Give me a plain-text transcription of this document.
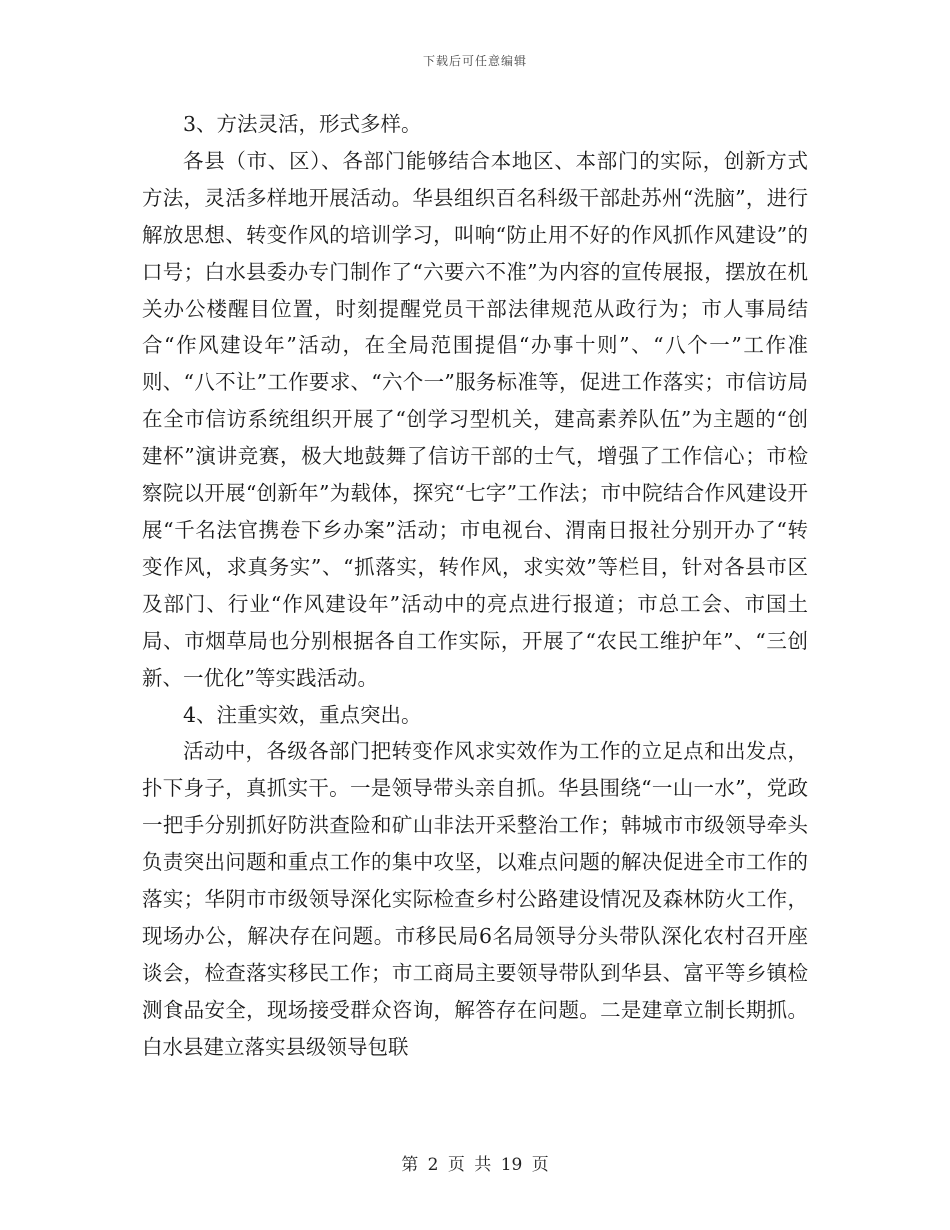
下载后可任意编辑

3、方法灵活，形式多样。

各县（市、区）、各部门能够结合本地区、本部门的实际，创新方式方法，灵活多样地开展活动。华县组织百名科级干部赴苏州“洗脑”，进行解放思想、转变作风的培训学习，叫响“防止用不好的作风抓作风建设”的口号；白水县委办专门制作了“六要六不准”为内容的宣传展报，摆放在机关办公楼醒目位置，时刻提醒党员干部法律规范从政行为；市人事局结合“作风建设年”活动，在全局范围提倡“办事十则”、“八个一”工作准则、“八不让”工作要求、“六个一”服务标准等，促进工作落实；市信访局在全市信访系统组织开展了“创学习型机关，建高素养队伍”为主题的“创建杯”演讲竞赛，极大地鼓舞了信访干部的士气，增强了工作信心；市检察院以开展“创新年”为载体，探究“七字”工作法；市中院结合作风建设开展“千名法官携卷下乡办案”活动；市电视台、渭南日报社分别开办了“转变作风，求真务实”、“抓落实，转作风，求实效”等栏目，针对各县市区及部门、行业“作风建设年”活动中的亮点进行报道；市总工会、市国土局、市烟草局也分别根据各自工作实际，开展了“农民工维护年”、“三创新、一优化”等实践活动。

4、注重实效，重点突出。

活动中，各级各部门把转变作风求实效作为工作的立足点和出发点，扑下身子，真抓实干。一是领导带头亲自抓。华县围绕“一山一水”，党政一把手分别抓好防洪查险和矿山非法开采整治工作；韩城市市级领导牵头负责突出问题和重点工作的集中攻坚，以难点问题的解决促进全市工作的落实；华阴市市级领导深化实际检查乡村公路建设情况及森林防火工作，现场办公，解决存在问题。市移民局6名局领导分头带队深化农村召开座谈会，检查落实移民工作；市工商局主要领导带队到华县、富平等乡镇检测食品安全，现场接受群众咨询，解答存在问题。二是建章立制长期抓。白水县建立落实县级领导包联

第 2 页 共 19 页
